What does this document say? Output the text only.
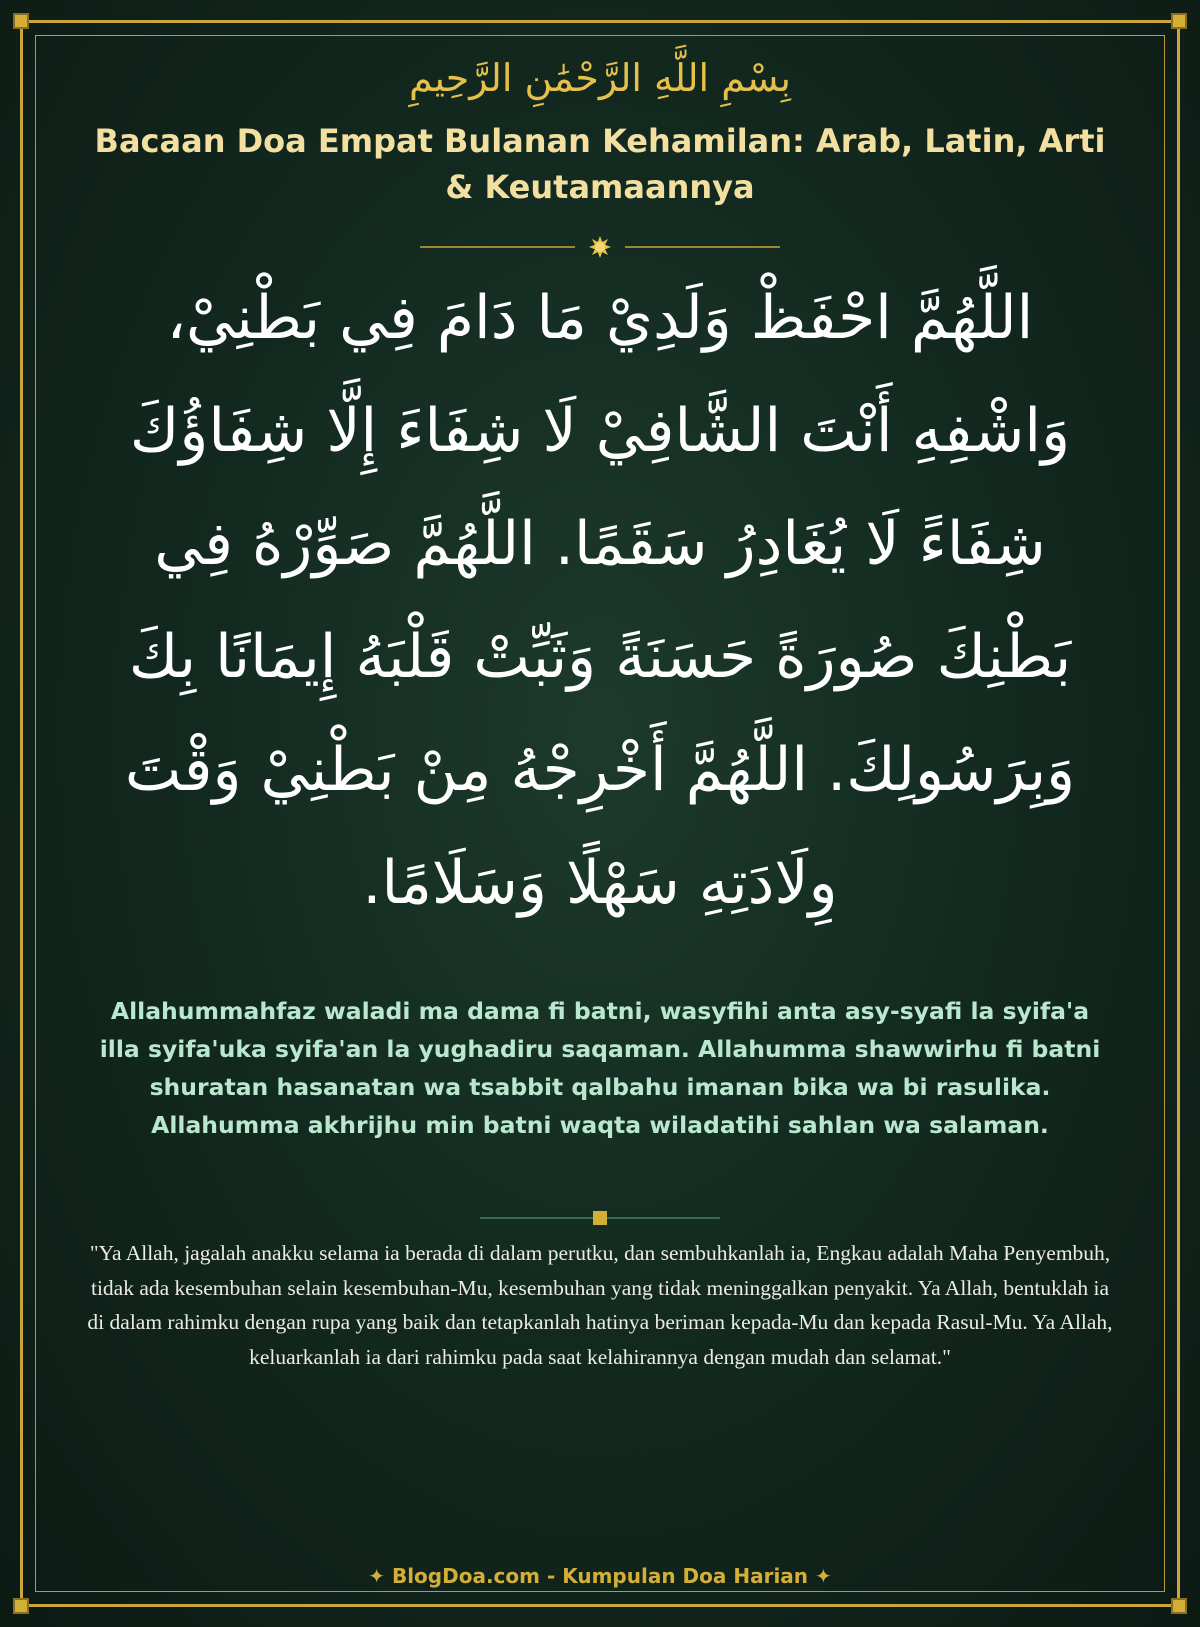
بِسْمِ اللَّهِ الرَّحْمَٰنِ الرَّحِيمِ
Bacaan Doa Empat Bulanan Kehamilan: Arab, Latin, Arti & Keutamaannya
اللَّهُمَّ احْفَظْ وَلَدِيْ مَا دَامَ فِي بَطْنِيْ، وَاشْفِهِ أَنْتَ الشَّافِيْ لَا شِفَاءَ إِلَّا شِفَاؤُكَ شِفَاءً لَا يُغَادِرُ سَقَمًا. اللَّهُمَّ صَوِّرْهُ فِي بَطْنِكَ صُورَةً حَسَنَةً وَثَبِّتْ قَلْبَهُ إِيمَانًا بِكَ وَبِرَسُولِكَ. اللَّهُمَّ أَخْرِجْهُ مِنْ بَطْنِيْ وَقْتَ وِلَادَتِهِ سَهْلًا وَسَلَامًا.
Allahummahfaz waladi ma dama fi batni, wasyfihi anta asy-syafi la syifa'a illa syifa'uka syifa'an la yughadiru saqaman. Allahumma shawwirhu fi batni shuratan hasanatan wa tsabbit qalbahu imanan bika wa bi rasulika. Allahumma akhrijhu min batni waqta wiladatihi sahlan wa salaman.
"Ya Allah, jagalah anakku selama ia berada di dalam perutku, dan sembuhkanlah ia, Engkau adalah Maha Penyembuh, tidak ada kesembuhan selain kesembuhan-Mu, kesembuhan yang tidak meninggalkan penyakit. Ya Allah, bentuklah ia di dalam rahimku dengan rupa yang baik dan tetapkanlah hatinya beriman kepada-Mu dan kepada Rasul-Mu. Ya Allah, keluarkanlah ia dari rahimku pada saat kelahirannya dengan mudah dan selamat."
✦ BlogDoa.com - Kumpulan Doa Harian ✦
